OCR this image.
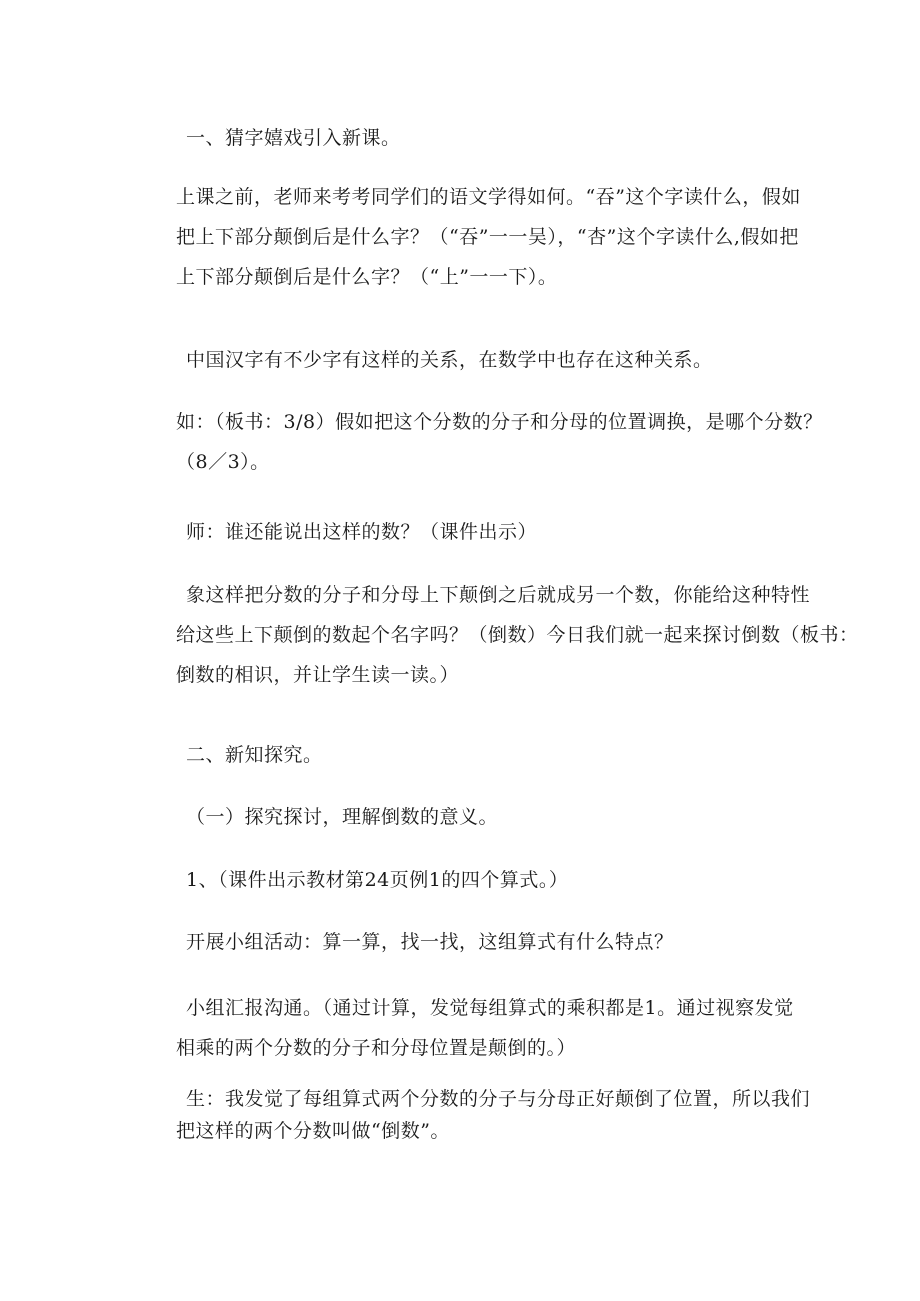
一、猜字嬉戏引入新课。
上课之前，老师来考考同学们的语文学得如何。“吞”这个字读什么，假如
把上下部分颠倒后是什么字？（“吞”一一吴），“杏”这个字读什么,假如把
上下部分颠倒后是什么字？（“上”一一下）。
中国汉字有不少字有这样的关系，在数学中也存在这种关系。
如：（板书：3/8）假如把这个分数的分子和分母的位置调换，是哪个分数？
（8／3）。
师：谁还能说出这样的数？（课件出示）
象这样把分数的分子和分母上下颠倒之后就成另一个数，你能给这种特性
给这些上下颠倒的数起个名字吗？（倒数）今日我们就一起来探讨倒数（板书：
倒数的相识，并让学生读一读。）
二、新知探究。
（一）探究探讨，理解倒数的意义。
1、（课件出示教材第24页例1的四个算式。）
开展小组活动：算一算，找一找，这组算式有什么特点？
小组汇报沟通。（通过计算，发觉每组算式的乘积都是1。通过视察发觉
相乘的两个分数的分子和分母位置是颠倒的。）
生：我发觉了每组算式两个分数的分子与分母正好颠倒了位置，所以我们
把这样的两个分数叫做“倒数”。
